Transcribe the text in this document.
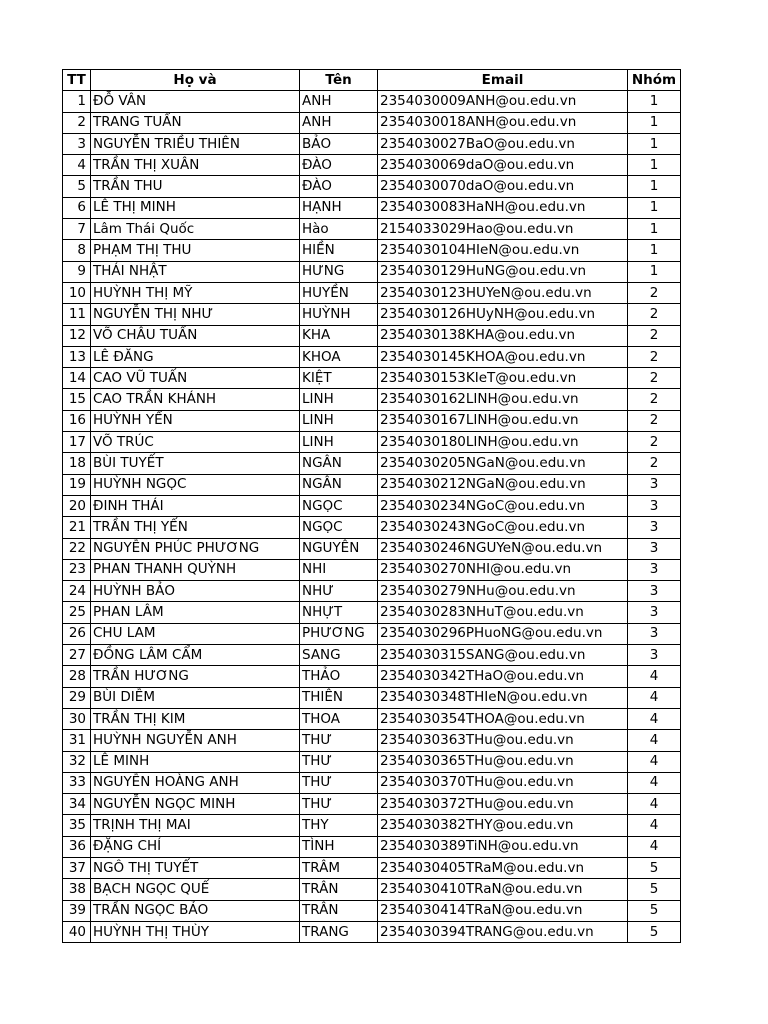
TT	Họ và	Tên	Email	Nhóm
1	ĐỖ VÂN	ANH	2354030009ANH@ou.edu.vn	1
2	TRANG TUẤN	ANH	2354030018ANH@ou.edu.vn	1
3	NGUYỄN TRIỀU THIÊN	BẢO	2354030027BaO@ou.edu.vn	1
4	TRẦN THỊ XUÂN	ĐÀO	2354030069daO@ou.edu.vn	1
5	TRẦN THU	ĐÀO	2354030070daO@ou.edu.vn	1
6	LÊ THỊ MINH	HẠNH	2354030083HaNH@ou.edu.vn	1
7	Lâm Thái Quốc	Hào	2154033029Hao@ou.edu.vn	1
8	PHẠM THỊ THU	HIỀN	2354030104HIeN@ou.edu.vn	1
9	THÁI NHẬT	HƯNG	2354030129HuNG@ou.edu.vn	1
10	HUỲNH THỊ MỸ	HUYỀN	2354030123HUYeN@ou.edu.vn	2
11	NGUYỄN THỊ NHƯ	HUỲNH	2354030126HUyNH@ou.edu.vn	2
12	VÕ CHÂU TUẤN	KHA	2354030138KHA@ou.edu.vn	2
13	LÊ ĐĂNG	KHOA	2354030145KHOA@ou.edu.vn	2
14	CAO VŨ TUẤN	KIỆT	2354030153KIeT@ou.edu.vn	2
15	CAO TRẦN KHÁNH	LINH	2354030162LINH@ou.edu.vn	2
16	HUỲNH YẾN	LINH	2354030167LINH@ou.edu.vn	2
17	VÕ TRÚC	LINH	2354030180LINH@ou.edu.vn	2
18	BÙI TUYẾT	NGÂN	2354030205NGaN@ou.edu.vn	2
19	HUỲNH NGỌC	NGÂN	2354030212NGaN@ou.edu.vn	3
20	ĐINH THÁI	NGỌC	2354030234NGoC@ou.edu.vn	3
21	TRẦN THỊ YẾN	NGỌC	2354030243NGoC@ou.edu.vn	3
22	NGUYỄN PHÚC PHƯƠNG	NGUYÊN	2354030246NGUYeN@ou.edu.vn	3
23	PHAN THANH QUỲNH	NHI	2354030270NHI@ou.edu.vn	3
24	HUỲNH BẢO	NHƯ	2354030279NHu@ou.edu.vn	3
25	PHAN LÂM	NHỰT	2354030283NHuT@ou.edu.vn	3
26	CHU LAM	PHƯƠNG	2354030296PHuoNG@ou.edu.vn	3
27	ĐỒNG LÂM CẨM	SANG	2354030315SANG@ou.edu.vn	3
28	TRẦN HƯƠNG	THẢO	2354030342THaO@ou.edu.vn	4
29	BÙI DIỄM	THIÊN	2354030348THIeN@ou.edu.vn	4
30	TRẦN THỊ KIM	THOA	2354030354THOA@ou.edu.vn	4
31	HUỲNH NGUYỄN ANH	THƯ	2354030363THu@ou.edu.vn	4
32	LÊ MINH	THƯ	2354030365THu@ou.edu.vn	4
33	NGUYỄN HOÀNG ANH	THƯ	2354030370THu@ou.edu.vn	4
34	NGUYỄN NGỌC MINH	THƯ	2354030372THu@ou.edu.vn	4
35	TRỊNH THỊ MAI	THY	2354030382THY@ou.edu.vn	4
36	ĐẶNG CHÍ	TÌNH	2354030389TiNH@ou.edu.vn	4
37	NGÔ THỊ TUYẾT	TRÂM	2354030405TRaM@ou.edu.vn	5
38	BẠCH NGỌC QUẾ	TRÂN	2354030410TRaN@ou.edu.vn	5
39	TRẦN NGỌC BẢO	TRÂN	2354030414TRaN@ou.edu.vn	5
40	HUỲNH THỊ THÙY	TRANG	2354030394TRANG@ou.edu.vn	5
